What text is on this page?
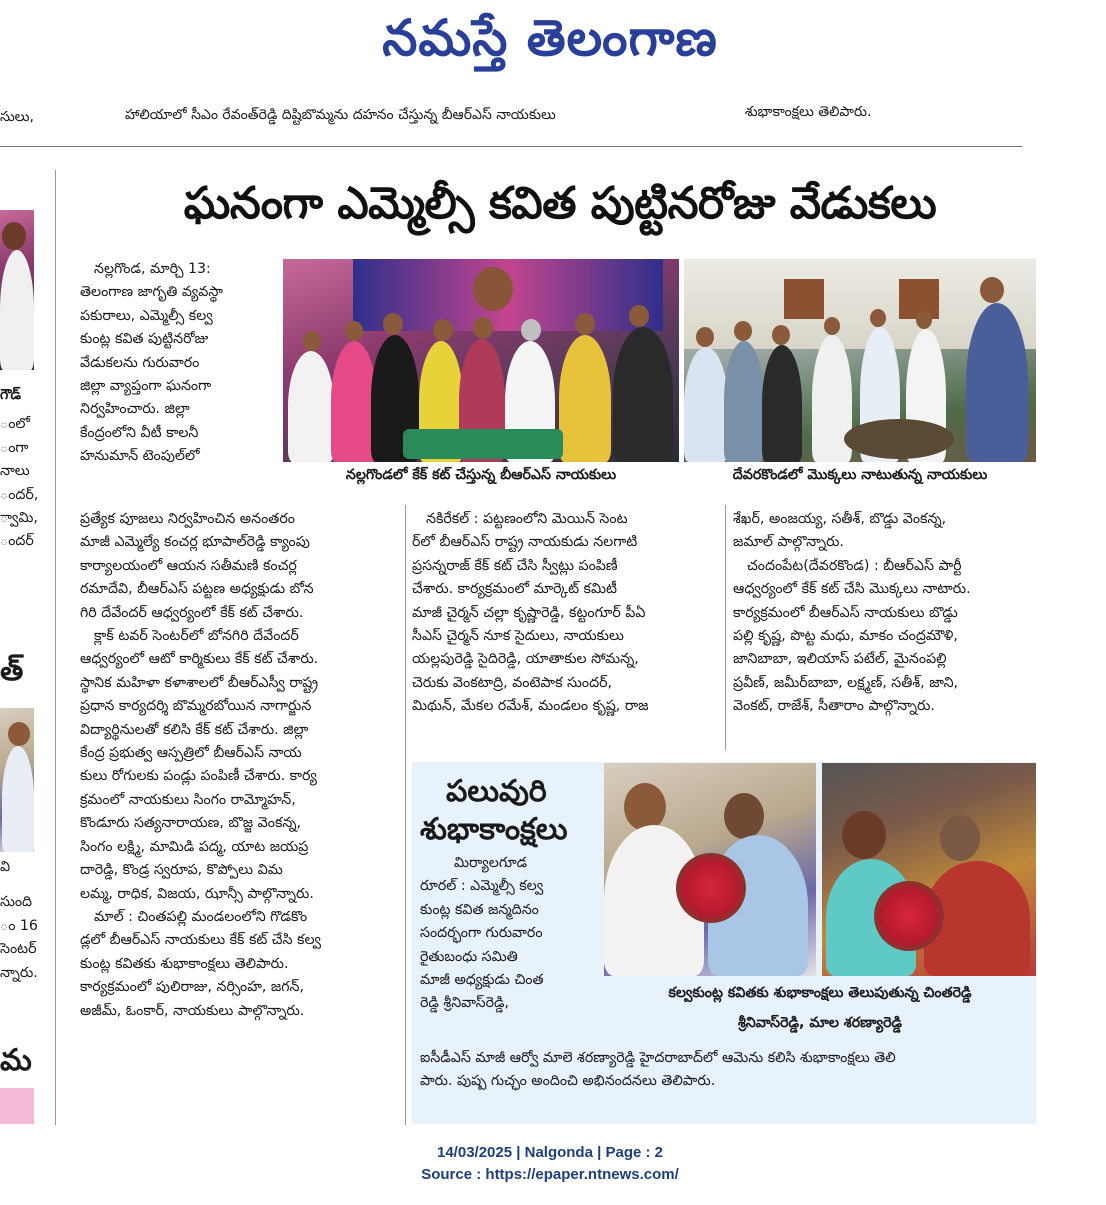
నమస్తే తెలంగాణ
సులు,	హాలియాలో సీఎం రేవంత్‌రెడ్డి దిష్టిబొమ్మను దహనం చేస్తున్న బీఆర్‌ఎస్‌ నాయకులు	శుభాకాంక్షలు తెలిపారు.
గౌడ్
ంలో
ంగా
నాలు
ందర్,
్వామి,
ందర్
త్
వి
సుంది
ం 16
సెంటర్
న్నారు.
మ
ఘనంగా ఎమ్మెల్సీ కవిత పుట్టినరోజు వేడుకలు
నల్లగొండలో కేక్ కట్ చేస్తున్న బీఆర్‌ఎస్ నాయకులు	దేవరకొండలో మొక్కలు నాటుతున్న నాయకులు

నల్లగొండ, మార్చి 13:

తెలంగాణ జాగృతి వ్యవస్థా

పకురాలు, ఎమ్మెల్సీ కల్వ

కుంట్ల కవిత పుట్టినరోజు

వేడుకలను గురువారం

జిల్లా వ్యాప్తంగా ఘనంగా

నిర్వహించారు. జిల్లా

కేంద్రంలోని వీటీ కాలనీ

హనుమాన్ టెంపుల్‌లో

ప్రత్యేక పూజలు నిర్వహించిన అనంతరం

మాజీ ఎమ్మెల్యే కంచర్ల భూపాల్‌రెడ్డి క్యాంపు

కార్యాలయంలో ఆయన సతీమణి కంచర్ల

రమాదేవి, బీఆర్‌ఎస్‌ పట్టణ అధ్యక్షుడు బోన

గిరి దేవేందర్ ఆధ్వర్యంలో కేక్ కట్ చేశారు.

క్లాక్ టవర్ సెంటర్‌లో బోనగిరి దేవేందర్

ఆధ్వర్యంలో ఆటో కార్మికులు కేక్ కట్ చేశారు.

స్థానిక మహిళా కళాశాలలో బీఆర్‌ఎస్వీ రాష్ట్ర

ప్రధాన కార్యదర్శి బొమ్మరబోయిన నాగార్జున

విద్యార్థినులతో కలిసి కేక్ కట్ చేశారు. జిల్లా

కేంద్ర ప్రభుత్వ ఆస్పత్రిలో బీఆర్‌ఎస్ నాయ

కులు రోగులకు పండ్లు పంపిణీ చేశారు. కార్య

క్రమంలో నాయకులు సింగం రామ్మోహన్,

కొండూరు సత్యనారాయణ, బొజ్జ వెంకన్న,

సింగం లక్ష్మి, మామిడి పద్మ, యాట జయప్ర

దారెడ్డి, కొండ్ర స్వరూప, కొప్పోలు విమ

లమ్మ, రాధిక, విజయ, ఝాన్సీ పాల్గొన్నారు.

మాల్ : చింతపల్లి మండలంలోని గొడకొం

డ్లలో బీఆర్‌ఎస్ నాయకులు కేక్ కట్ చేసి కల్వ

కుంట్ల కవితకు శుభాకాంక్షలు తెలిపారు.

కార్యక్రమంలో పులిరాజు, నర్సింహ, జగన్,

అజీమ్, ఓంకార్, నాయకులు పాల్గొన్నారు.

నకిరేకల్ : పట్టణంలోని మెయిన్ సెంట

ర్‌లో బీఆర్‌ఎస్ రాష్ట్ర నాయకుడు నలగాటి

ప్రసన్నరాజ్ కేక్ కట్ చేసి స్వీట్లు పంపిణీ

చేశారు. కార్యక్రమంలో మార్కెట్ కమిటీ

మాజీ చైర్మన్ చల్లా కృష్ణారెడ్డి, కట్టంగూర్ పీఏ

సీఎస్ చైర్మన్ నూక సైదులు, నాయకులు

యల్లపురెడ్డి సైదిరెడ్డి, యాతాకుల సోమన్న,

చెరుకు వెంకటాద్రి, వంటెపాక సుందర్,

మిథున్, మేకల రమేశ్, మండలం కృష్ణ, రాజ

శేఖర్, అంజయ్య, సతీశ్, బొడ్డు వెంకన్న,

జమాల్ పాల్గొన్నారు.

చందంపేట(దేవరకొండ) : బీఆర్‌ఎస్ పార్టీ

ఆధ్వర్యంలో కేక్ కట్ చేసి మొక్కలు నాటారు.

కార్యక్రమంలో బీఆర్‌ఎస్ నాయకులు బొడ్డు

పల్లి కృష్ణ, పొట్ట మధు, మాకం చంద్రమౌళి,

జానిబాబా, ఇలియాస్ పటేల్, మైనంపల్లి

ప్రవీణ్, జమీర్‌బాబా, లక్ష్మణ్, సతీశ్, జాని,

వెంకట్, రాజేశ్, సీతారాం పాల్గొన్నారు.

పలువురి
శుభాకాంక్షలు

మిర్యాలగూడ

రూరల్ : ఎమ్మెల్సీ కల్వ

కుంట్ల కవిత జన్మదినం

సందర్భంగా గురువారం

రైతుబంధు సమితి

మాజీ అధ్యక్షుడు చింత

రెడ్డి శ్రీనివాస్‌రెడ్డి,

ఐసీడీఎస్ మాజీ ఆర్వో మాలె శరణ్యారెడ్డి హైదరాబాద్‌లో ఆమెను కలిసి శుభాకాంక్షలు తెలి

పారు. పుష్ప గుచ్ఛం అందించి అభినందనలు తెలిపారు.

కల్వకుంట్ల కవితకు శుభాకాంక్షలు తెలుపుతున్న చింతరెడ్డి
శ్రీనివాస్‌రెడ్డి, మాల శరణ్యారెడ్డి
14/03/2025 | Nalgonda | Page : 2
Source : https://epaper.ntnews.com/
